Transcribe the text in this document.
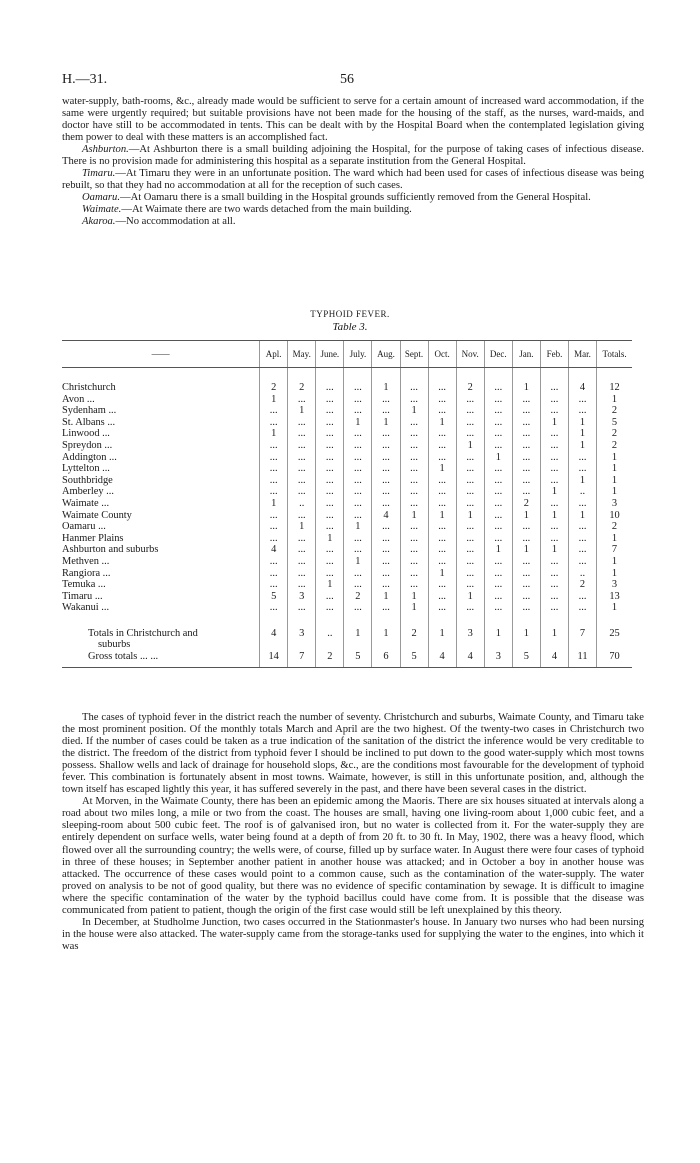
H.—31.	56

water-supply, bath-rooms, &c., already made would be sufficient to serve for a certain amount of increased ward accommodation, if the same were urgently required; but suitable provisions have not been made for the housing of the staff, as the nurses, ward-maids, and doctor have still to be accommodated in tents. This can be dealt with by the Hospital Board when the contemplated legislation giving them power to deal with these matters is an accomplished fact.

Ashburton.—At Ashburton there is a small building adjoining the Hospital, for the purpose of taking cases of infectious disease. There is no provision made for administering this hospital as a separate institution from the General Hospital.

Timaru.—At Timaru they were in an unfortunate position. The ward which had been used for cases of infectious disease was being rebuilt, so that they had no accommodation at all for the reception of such cases.

Oamaru.—At Oamaru there is a small building in the Hospital grounds sufficiently removed from the General Hospital.

Waimate.—At Waimate there are two wards detached from the main building.

Akaroa.—No accommodation at all.

TYPHOID FEVER.
Table 3.
——	Apl.	May.	June.	July.	Aug.	Sept.	Oct.	Nov.	Dec.	Jan.	Feb.	Mar.	Totals.

Christchurch	2	2	...	...	1	...	...	2	...	1	...	4	12
Avon ...	1	...	...	...	...	...	...	...	...	...	...	...	1
Sydenham ...	...	1	...	...	...	1	...	...	...	...	...	...	2
St. Albans ...	...	...	...	1	1	...	1	...	...	...	1	1	5
Linwood ...	1	...	...	...	...	...	...	...	...	...	...	1	2
Spreydon ...	...	...	...	...	...	...	...	1	...	...	...	1	2
Addington ...	...	...	...	...	...	...	...	...	1	...	...	...	1
Lyttelton ...	...	...	...	...	...	...	1	...	...	...	...	...	1
Southbridge	...	...	...	...	...	...	...	...	...	...	...	1	1
Amberley ...	...	...	...	...	...	...	...	...	...	...	1	..	1
Waimate ...	1	..	...	...	...	...	...	...	...	2	...	...	3
Waimate County	...	...	...	...	4	1	1	1	...	1	1	1	10
Oamaru ...	...	1	...	1	...	...	...	...	...	...	...	...	2
Hanmer Plains	...	...	1	...	...	...	...	...	...	...	...	...	1
Ashburton and suburbs	4	...	...	...	...	...	...	...	1	1	1	...	7
Methven ...	...	...	...	1	...	...	...	...	...	...	...	...	1
Rangiora ...	...	...	...	...	...	...	1	...	...	...	...	..	1
Temuka ...	...	...	1	...	...	...	...	...	...	...	...	2	3
Timaru ...	5	3	...	2	1	1	...	1	...	...	...	...	13
Wakanui ...	...	...	...	...	...	1	...	...	...	...	...	...	1

Totals in Christchurch and
suburbs	4	3	..	1	1	2	1	3	1	1	1	7	25
Gross totals ... ...	14	7	2	5	6	5	4	4	3	5	4	11	70

The cases of typhoid fever in the district reach the number of seventy. Christchurch and suburbs, Waimate County, and Timaru take the most prominent position. Of the monthly totals March and April are the two highest. Of the twenty-two cases in Christchurch two died. If the number of cases could be taken as a true indication of the sanitation of the district the inference would be very creditable to the district. The freedom of the district from typhoid fever I should be inclined to put down to the good water-supply which most towns possess. Shallow wells and lack of drainage for household slops, &c., are the conditions most favourable for the development of typhoid fever. This combination is fortunately absent in most towns. Waimate, however, is still in this unfortunate position, and, although the town itself has escaped lightly this year, it has suffered severely in the past, and there have been several cases in the district.

At Morven, in the Waimate County, there has been an epidemic among the Maoris. There are six houses situated at intervals along a road about two miles long, a mile or two from the coast. The houses are small, having one living-room about 1,000 cubic feet, and a sleeping-room about 500 cubic feet. The roof is of galvanised iron, but no water is collected from it. For the water-supply they are entirely dependent on surface wells, water being found at a depth of from 20 ft. to 30 ft. In May, 1902, there was a heavy flood, which flowed over all the surrounding country; the wells were, of course, filled up by surface water. In August there were four cases of typhoid in three of these houses; in September another patient in another house was attacked; and in October a boy in another house was attacked. The occurrence of these cases would point to a common cause, such as the contamination of the water-supply. The water proved on analysis to be not of good quality, but there was no evidence of specific contamination by sewage. It is difficult to imagine where the specific contamination of the water by the typhoid bacillus could have come from. It is possible that the disease was communicated from patient to patient, though the origin of the first case would still be left unexplained by this theory.

In December, at Studholme Junction, two cases occurred in the Stationmaster's house. In January two nurses who had been nursing in the house were also attacked. The water-supply came from the storage-tanks used for supplying the water to the engines, into which it was
